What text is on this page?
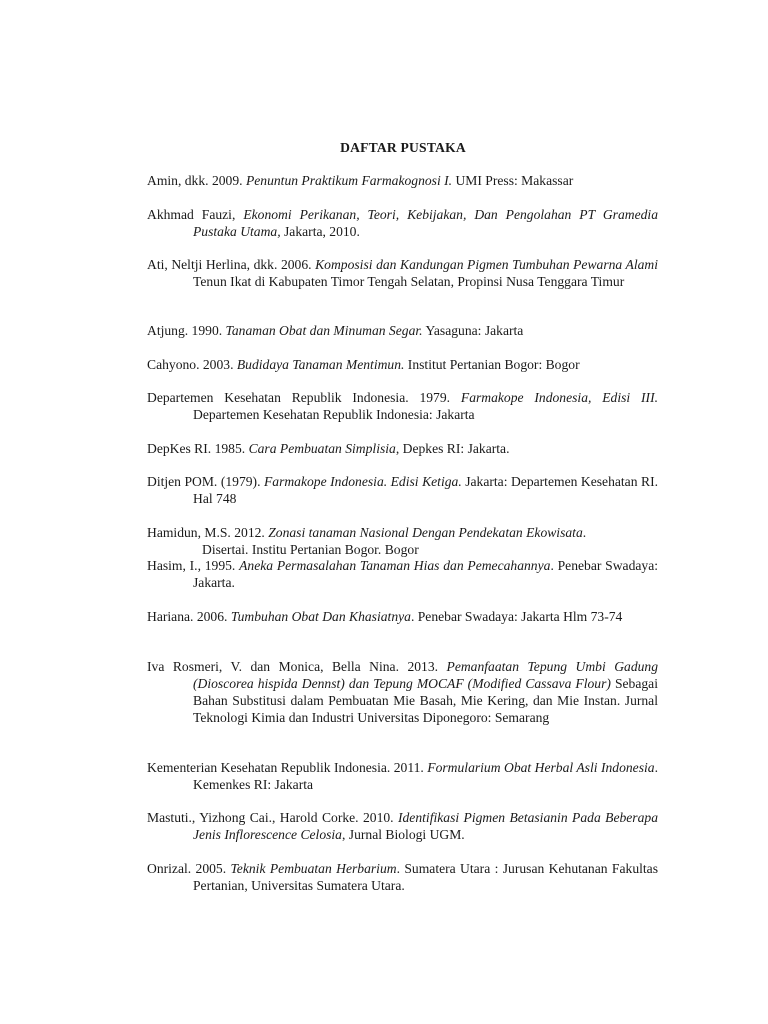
DAFTAR PUSTAKA

Amin, dkk. 2009. Penuntun Praktikum Farmakognosi I. UMI Press: Makassar

Akhmad Fauzi, Ekonomi Perikanan, Teori, Kebijakan, Dan Pengolahan PT Gramedia Pustaka Utama, Jakarta, 2010.

Ati, Neltji Herlina, dkk. 2006. Komposisi dan Kandungan Pigmen Tumbuhan Pewarna Alami Tenun Ikat di Kabupaten Timor Tengah Selatan, Propinsi Nusa Tenggara Timur

Atjung. 1990. Tanaman Obat dan Minuman Segar. Yasaguna: Jakarta

Cahyono. 2003. Budidaya Tanaman Mentimun. Institut Pertanian Bogor: Bogor

Departemen Kesehatan Republik Indonesia. 1979. Farmakope Indonesia, Edisi III. Departemen Kesehatan Republik Indonesia: Jakarta

DepKes RI. 1985. Cara Pembuatan Simplisia, Depkes RI: Jakarta.

Ditjen POM. (1979). Farmakope Indonesia. Edisi Ketiga. Jakarta: Departemen Kesehatan RI. Hal 748

Hamidun, M.S. 2012. Zonasi tanaman Nasional Dengan Pendekatan Ekowisata.
Disertai. Institu Pertanian Bogor. Bogor

Hasim, I., 1995. Aneka Permasalahan Tanaman Hias dan Pemecahannya. Penebar Swadaya: Jakarta.

Hariana. 2006. Tumbuhan Obat Dan Khasiatnya. Penebar Swadaya: Jakarta Hlm 73-74

Iva Rosmeri, V. dan Monica, Bella Nina. 2013. Pemanfaatan Tepung Umbi Gadung (Dioscorea hispida Dennst) dan Tepung MOCAF (Modified Cassava Flour) Sebagai Bahan Substitusi dalam Pembuatan Mie Basah, Mie Kering, dan Mie Instan. Jurnal Teknologi Kimia dan Industri Universitas Diponegoro: Semarang

Kementerian Kesehatan Republik Indonesia. 2011. Formularium Obat Herbal Asli Indonesia. Kemenkes RI: Jakarta

Mastuti., Yizhong Cai., Harold Corke. 2010. Identifikasi Pigmen Betasianin Pada Beberapa Jenis Inflorescence Celosia, Jurnal Biologi UGM.

Onrizal. 2005. Teknik Pembuatan Herbarium. Sumatera Utara : Jurusan Kehutanan Fakultas Pertanian, Universitas Sumatera Utara.
